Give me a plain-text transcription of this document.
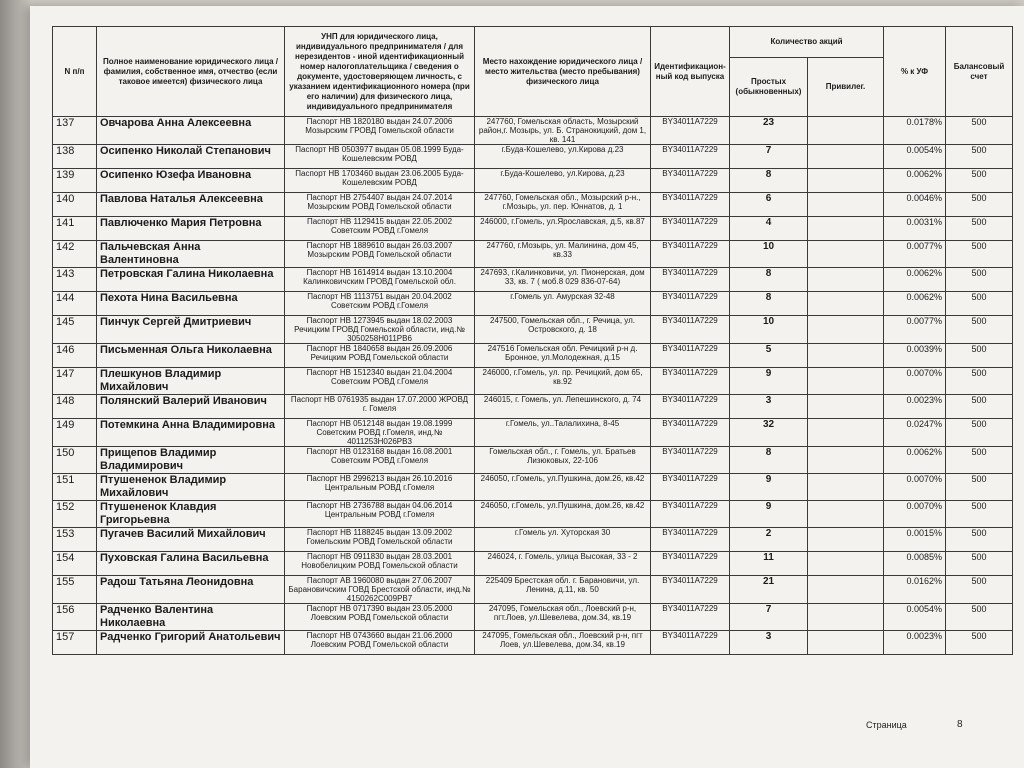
N п/п	Полное наименование юридического лица / фамилия, собственное имя, отчество (если таковое имеется) физического лица	УНП для юридического лица, индивидуального предпринимателя / для нерезидентов - иной идентификационный номер налогоплательщика / сведения о документе, удостоверяющем личность, с указанием идентификационного номера (при его наличии) для физического лица, индивидуального предпринимателя	Место нахождение юридического лица / место жительства (место пребывания) физического лица	Идентификацион-ный код выпуска	Количество акций		% к УФ	Балансовый счет
					Простых (обыкновенных)	Привилег.		
137	Овчарова Анна Алексеевна	Паспорт НВ 1820180 выдан 24.07.2006 Мозырским ГРОВД Гомельской области	247760, Гомельская область, Мозырский район,г. Мозырь, ул. Б. Странокицкий, дом 1, кв. 141	BY34011A7229	23		0.0178%	500
138	Осипенко Николай Степанович	Паспорт НВ 0503977 выдан 05.08.1999 Буда-Кошелевским РОВД	г.Буда-Кошелево, ул.Кирова д.23	BY34011A7229	7		0.0054%	500
139	Осипенко Юзефа Ивановна	Паспорт НВ 1703460 выдан 23.06.2005 Буда-Кошелевским РОВД	г.Буда-Кошелево, ул.Кирова, д.23	BY34011A7229	8		0.0062%	500
140	Павлова Наталья Алексеевна	Паспорт НВ 2754407 выдан 24.07.2014 Мозырским РОВД Гомельской области	247760, Гомельская обл., Мозырский р-н., г.Мозырь, ул. пер. Юннатов, д. 1	BY34011A7229	6		0.0046%	500
141	Павлюченко Мария Петровна	Паспорт НВ 1129415 выдан 22.05.2002 Советским РОВД г.Гомеля	246000, г.Гомель, ул.Ярославская, д.5, кв.87	BY34011A7229	4		0.0031%	500
142	Пальчевская Анна Валентиновна	Паспорт НВ 1889610 выдан 26.03.2007 Мозырским РОВД Гомельской области	247760, г.Мозырь, ул. Малинина, дом 45, кв.33	BY34011A7229	10		0.0077%	500
143	Петровская Галина Николаевна	Паспорт НВ 1614914 выдан 13.10.2004 Калинковичским ГРОВД Гомельской обл.	247693, г.Калинковичи, ул. Пионерская, дом 33, кв. 7 ( моб.8 029 836-07-64)	BY34011A7229	8		0.0062%	500
144	Пехота Нина Васильевна	Паспорт НВ 1113751 выдан 20.04.2002 Советским РОВД г.Гомеля	г.Гомель ул. Амурская 32-48	BY34011A7229	8		0.0062%	500
145	Пинчук Сергей Дмитриевич	Паспорт НВ 1273945 выдан 18.02.2003 Речицким ГРОВД Гомельской области, инд.№ 3050258H011PB6	247500, Гомельская обл., г. Речица, ул. Островского, д. 18	BY34011A7229	10		0.0077%	500
146	Письменная Ольга Николаевна	Паспорт НВ 1840658 выдан 26.09.2006 Речицким РОВД Гомельской области	247516 Гомельская обл. Речицкий р-н д. Бронное, ул.Молодежная, д.15	BY34011A7229	5		0.0039%	500
147	Плешкунов Владимир Михайлович	Паспорт НВ 1512340 выдан 21.04.2004 Советским РОВД г.Гомеля	246000, г.Гомель, ул. пр. Речицкий, дом 65, кв.92	BY34011A7229	9		0.0070%	500
148	Полянский Валерий Иванович	Паспорт НВ 0761935 выдан 17.07.2000 ЖРОВД г. Гомеля	246015, г. Гомель, ул. Лепешинского, д. 74	BY34011A7229	3		0.0023%	500
149	Потемкина Анна Владимировна	Паспорт НВ 0512148 выдан 19.08.1999 Советским РОВД г.Гомеля, инд.№ 4011253H026PB3	г.Гомель, ул..Талалихина, 8-45	BY34011A7229	32		0.0247%	500
150	Прищепов Владимир Владимирович	Паспорт НВ 0123168 выдан 16.08.2001 Советским РОВД г.Гомеля	Гомельская обл., г. Гомель, ул. Братьев Лизюковых, 22-106	BY34011A7229	8		0.0062%	500
151	Птушененок Владимир Михайлович	Паспорт НВ 2996213 выдан 26.10.2016 Центральным РОВД г.Гомеля	246050, г.Гомель, ул.Пушкина, дом.26, кв.42	BY34011A7229	9		0.0070%	500
152	Птушененок Клавдия Григорьевна	Паспорт НВ 2736788 выдан 04.06.2014 Центральным РОВД г.Гомеля	246050, г.Гомель, ул.Пушкина, дом.26, кв.42	BY34011A7229	9		0.0070%	500
153	Пугачев Василий Михайлович	Паспорт НВ 1188245 выдан 13.09.2002 Гомельским РОВД Гомельской области	г.Гомель ул. Хуторская 30	BY34011A7229	2		0.0015%	500
154	Пуховская Галина Васильевна	Паспорт НВ 0911830 выдан 28.03.2001 Новобелицким РОВД Гомельской области	246024, г. Гомель, улица Высокая, 33 - 2	BY34011A7229	11		0.0085%	500
155	Радош Татьяна Леонидовна	Паспорт АВ 1960080 выдан 27.06.2007 Барановичским ГОВД Брестской области, инд.№ 4150262C009PB7	225409 Брестская обл. г. Барановичи, ул. Ленина, д.11, кв. 50	BY34011A7229	21		0.0162%	500
156	Радченко Валентина Николаевна	Паспорт НВ 0717390 выдан 23.05.2000 Лоевским РОВД Гомельской области	247095, Гомельская обл., Лоевский р-н, пгт.Лоев, ул.Шевелева, дом.34, кв.19	BY34011A7229	7		0.0054%	500
157	Радченко Григорий Анатольевич	Паспорт НВ 0743660 выдан 21.06.2000 Лоевским РОВД Гомельской области	247095, Гомельская обл., Лоевский р-н, пгт Лоев, ул.Шевелева, дом.34, кв.19	BY34011A7229	3		0.0023%	500
Страница	8
